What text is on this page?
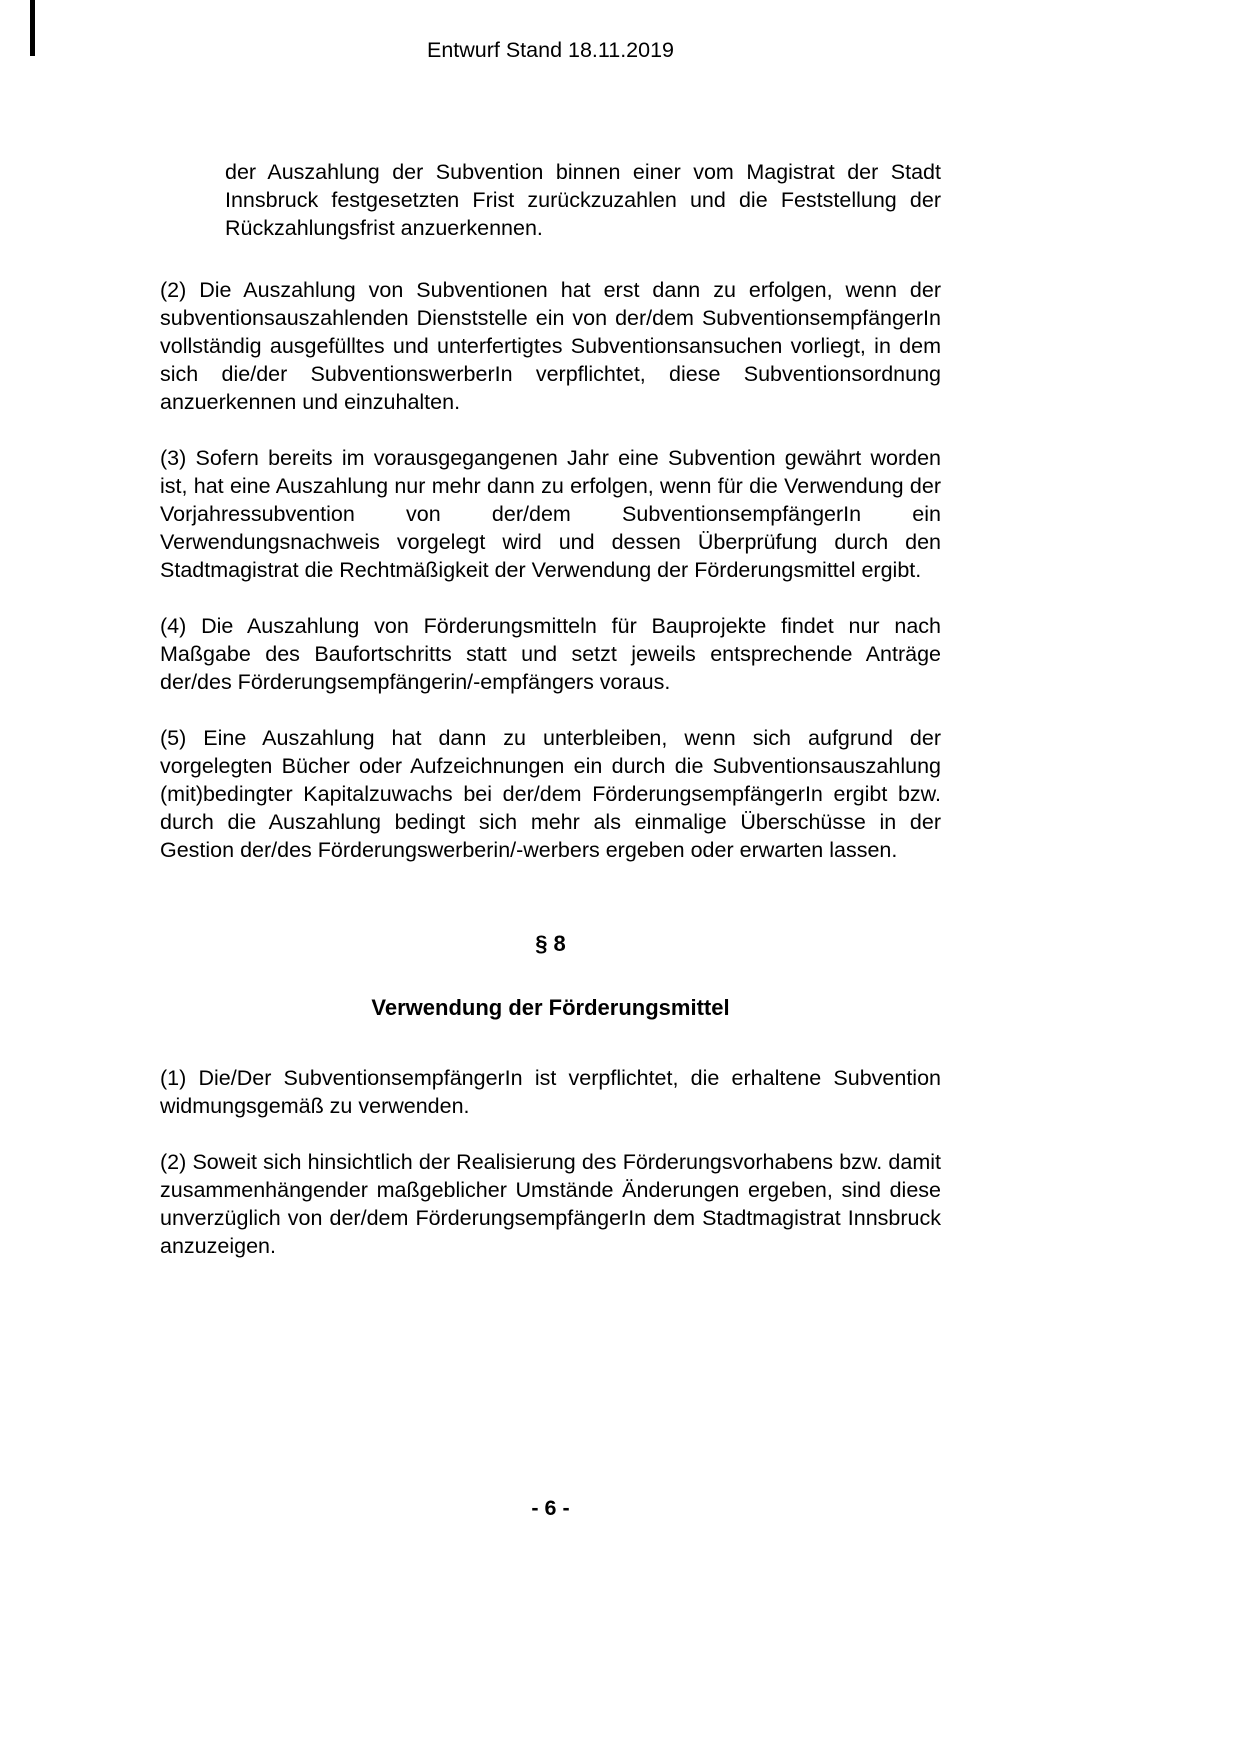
Entwurf Stand 18.11.2019

der Auszahlung der Subvention binnen einer vom Magistrat der Stadt Innsbruck festgesetzten Frist zurückzuzahlen und die Feststellung der Rückzahlungsfrist anzuerkennen.

(2) Die Auszahlung von Subventionen hat erst dann zu erfolgen, wenn der subventionsauszahlenden Dienststelle ein von der/dem SubventionsempfängerIn vollständig ausgefülltes und unterfertigtes Subventionsansuchen vorliegt, in dem sich die/der SubventionswerberIn verpflichtet, diese Subventionsordnung anzuerkennen und einzuhalten.

(3) Sofern bereits im vorausgegangenen Jahr eine Subvention gewährt worden ist, hat eine Auszahlung nur mehr dann zu erfolgen, wenn für die Verwendung der Vorjahressubvention von der/dem SubventionsempfängerIn ein Verwendungsnachweis vorgelegt wird und dessen Überprüfung durch den Stadtmagistrat die Rechtmäßigkeit der Verwendung der Förderungsmittel ergibt.

(4) Die Auszahlung von Förderungsmitteln für Bauprojekte findet nur nach Maßgabe des Baufortschritts statt und setzt jeweils entsprechende Anträge der/des Förderungsempfängerin/-empfängers voraus.

(5) Eine Auszahlung hat dann zu unterbleiben, wenn sich aufgrund der vorgelegten Bücher oder Aufzeichnungen ein durch die Subventionsauszahlung (mit)bedingter Kapitalzuwachs bei der/dem FörderungsempfängerIn ergibt bzw. durch die Auszahlung bedingt sich mehr als einmalige Überschüsse in der Gestion der/des Förderungswerberin/-werbers ergeben oder erwarten lassen.

§ 8
Verwendung der Förderungsmittel

(1) Die/Der SubventionsempfängerIn ist verpflichtet, die erhaltene Subvention widmungsgemäß zu verwenden.

(2) Soweit sich hinsichtlich der Realisierung des Förderungsvorhabens bzw. damit zusammenhängender maßgeblicher Umstände Änderungen ergeben, sind diese unverzüglich von der/dem FörderungsempfängerIn dem Stadtmagistrat Innsbruck anzuzeigen.

- 6 -
